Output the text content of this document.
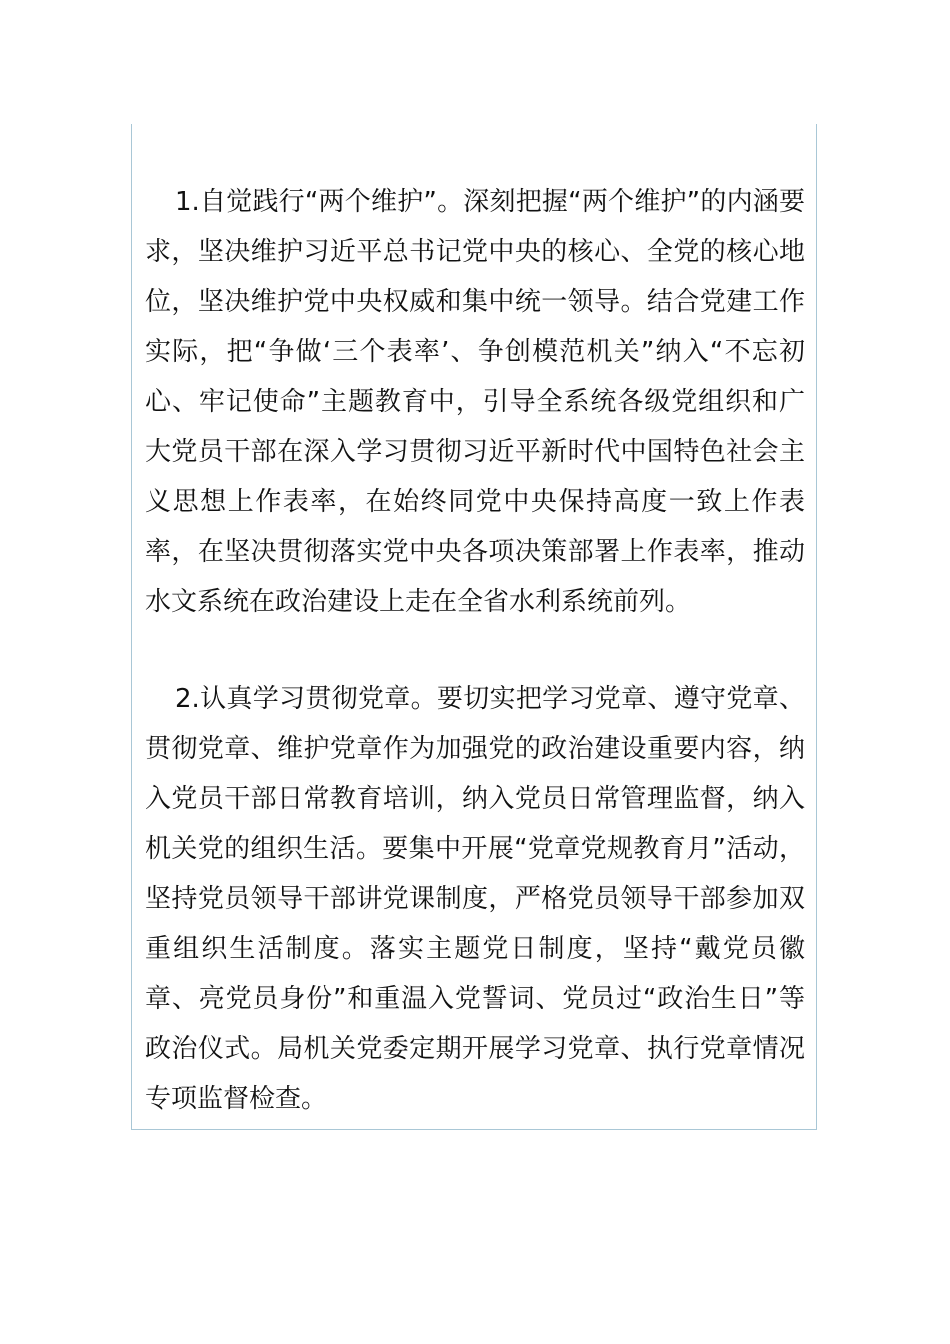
1.自觉践行“两个维护”。深刻把握“两个维护”的内涵要求，坚决维护习近平总书记党中央的核心、全党的核心地位，坚决维护党中央权威和集中统一领导。结合党建工作实际，把“争做‘三个表率’、争创模范机关”纳入“不忘初心、牢记使命”主题教育中，引导全系统各级党组织和广大党员干部在深入学习贯彻习近平新时代中国特色社会主义思想上作表率，在始终同党中央保持高度一致上作表率，在坚决贯彻落实党中央各项决策部署上作表率，推动水文系统在政治建设上走在全省水利系统前列。

2.认真学习贯彻党章。要切实把学习党章、遵守党章、贯彻党章、维护党章作为加强党的政治建设重要内容，纳入党员干部日常教育培训，纳入党员日常管理监督，纳入机关党的组织生活。要集中开展“党章党规教育月”活动，坚持党员领导干部讲党课制度，严格党员领导干部参加双重组织生活制度。落实主题党日制度，坚持“戴党员徽章、亮党员身份”和重温入党誓词、党员过“政治生日”等政治仪式。局机关党委定期开展学习党章、执行党章情况专项监督检查。
